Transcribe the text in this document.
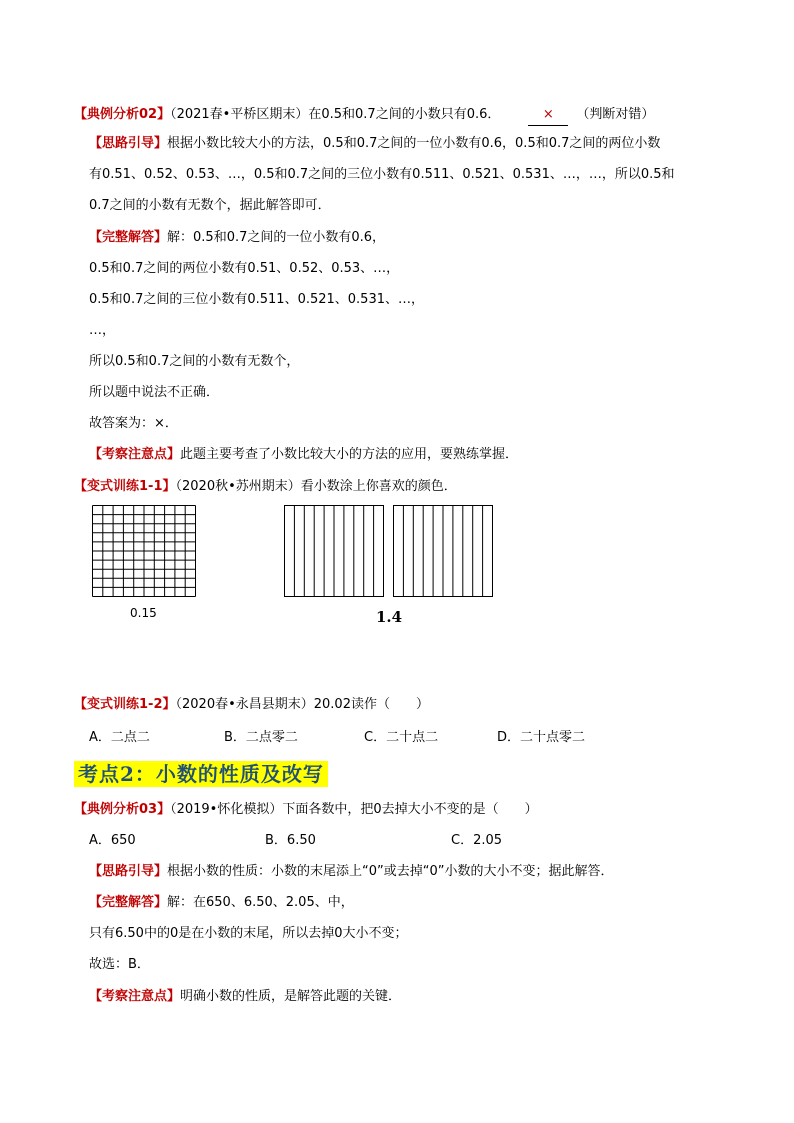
【典例分析02】（2021春•平桥区期末）在0.5和0.7之间的小数只有0.6．	× （判断对错）
【思路引导】根据小数比较大小的方法，0.5和0.7之间的一位小数有0.6，0.5和0.7之间的两位小数
有0.51、0.52、0.53、…，0.5和0.7之间的三位小数有0.511、0.521、0.531、…，…，所以0.5和
0.7之间的小数有无数个，据此解答即可．
【完整解答】解：0.5和0.7之间的一位小数有0.6，
0.5和0.7之间的两位小数有0.51、0.52、0.53、…，
0.5和0.7之间的三位小数有0.511、0.521、0.531、…，
…，
所以0.5和0.7之间的小数有无数个，
所以题中说法不正确．
故答案为：×．
【考察注意点】此题主要考查了小数比较大小的方法的应用，要熟练掌握．
【变式训练1-1】（2020秋•苏州期末）看小数涂上你喜欢的颜色．
0.15	1.4
【变式训练1-2】（2020春•永昌县期末）20.02读作（　　）
A．二点二	B．二点零二	C．二十点二	D．二十点零二
考点2：小数的性质及改写
【典例分析03】（2019•怀化模拟）下面各数中，把0去掉大小不变的是（　　）
A．650	B．6.50	C．2.05
【思路引导】根据小数的性质：小数的末尾添上“0”或去掉“0”小数的大小不变；据此解答．
【完整解答】解：在650、6.50、2.05、中，
只有6.50中的0是在小数的末尾，所以去掉0大小不变；
故选：B．
【考察注意点】明确小数的性质，是解答此题的关键．
